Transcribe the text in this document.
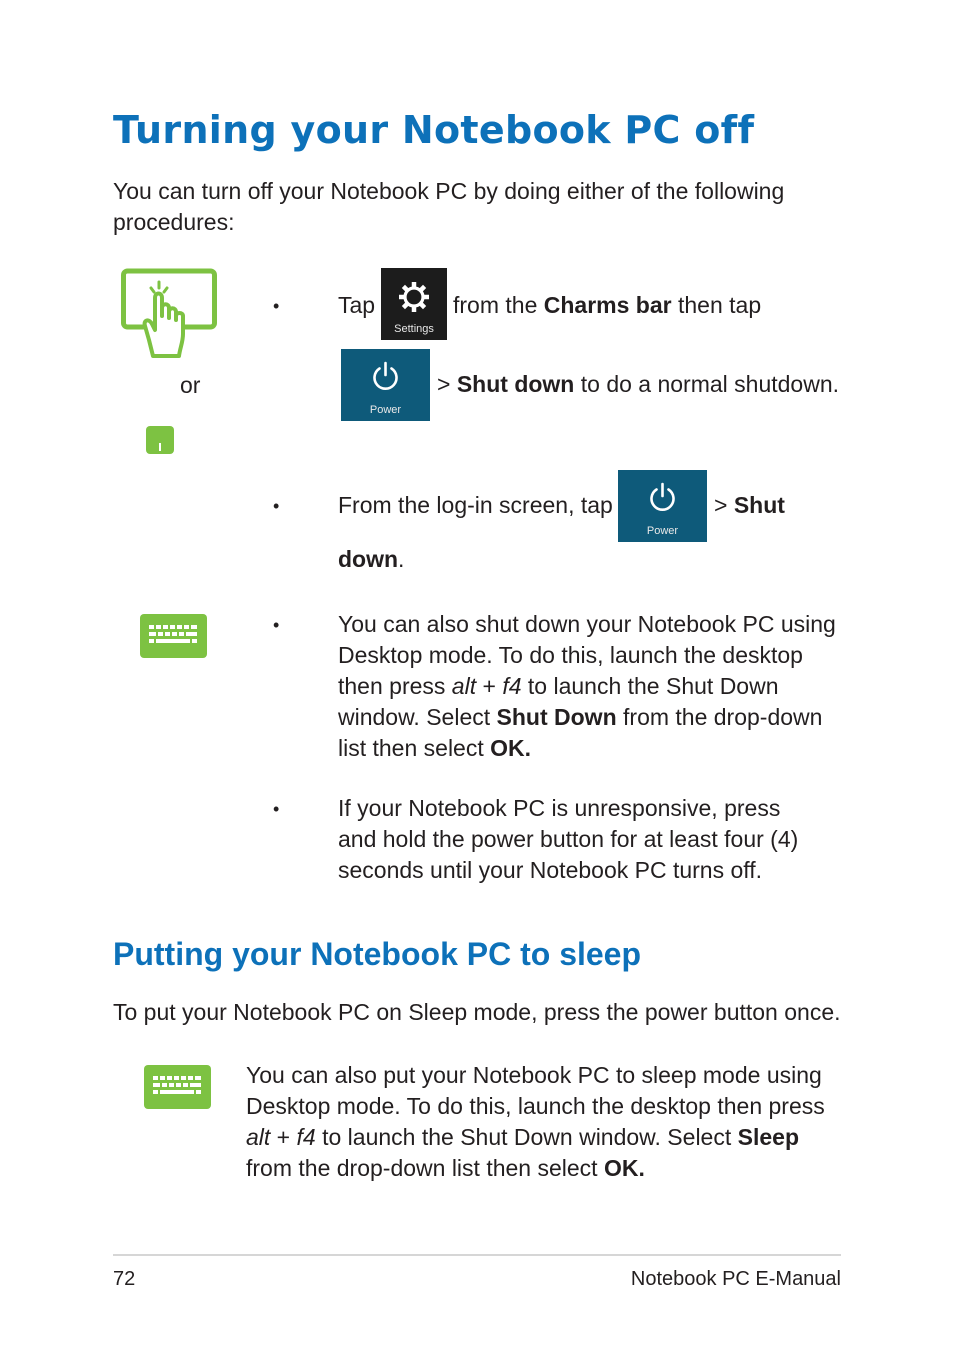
Turning your Notebook PC off
You can turn off your Notebook PC by doing either of the following procedures:
or
•	Tap
Settings
from the Charms bar then tap
Power
> Shut down to do a normal shutdown.
•	From the log-in screen, tap
Power
> Shut
down.
•	You can also shut down your Notebook PC using
Desktop mode. To do this, launch the desktop
then press alt + f4 to launch the Shut Down
window. Select Shut Down from the drop-down
list then select OK.
•	If your Notebook PC is unresponsive, press
and hold the power button for at least four (4)
seconds until your Notebook PC turns off.
Putting your Notebook PC to sleep
To put your Notebook PC on Sleep mode, press the power button once.
You can also put your Notebook PC to sleep mode using
Desktop mode. To do this, launch the desktop then press
alt + f4 to launch the Shut Down window. Select Sleep
from the drop-down list then select OK.
72	Notebook PC E-Manual
